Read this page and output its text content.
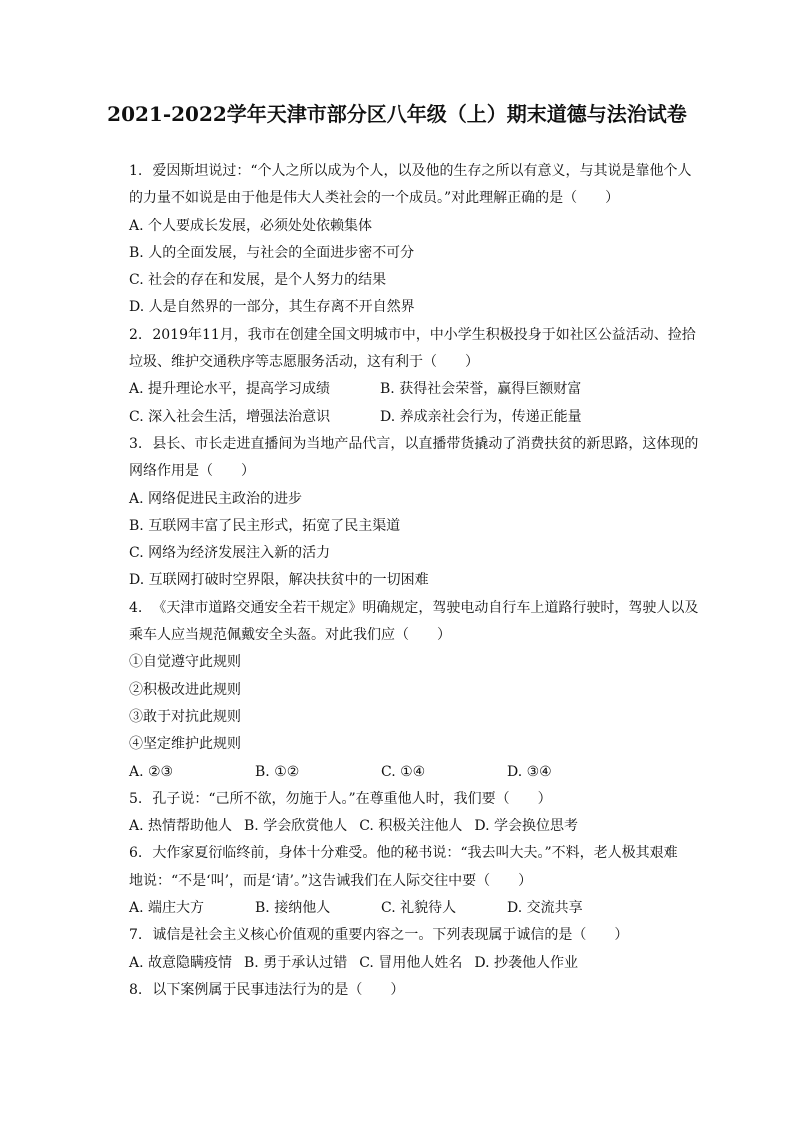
2021-2022学年天津市部分区八年级（上）期末道德与法治试卷
1. 爱因斯坦说过：“个人之所以成为个人，以及他的生存之所以有意义，与其说是靠他个人
的力量不如说是由于他是伟大人类社会的一个成员。”对此理解正确的是（　　）
A. 个人要成长发展，必须处处依赖集体
B. 人的全面发展，与社会的全面进步密不可分
C. 社会的存在和发展，是个人努力的结果
D. 人是自然界的一部分，其生存离不开自然界
2. 2019年11月，我市在创建全国文明城市中，中小学生积极投身于如社区公益活动、捡拾
垃圾、维护交通秩序等志愿服务活动，这有利于（　　）
A. 提升理论水平，提高学习成绩	B. 获得社会荣誉，赢得巨额财富
C. 深入社会生活，增强法治意识	D. 养成亲社会行为，传递正能量
3. 县长、市长走进直播间为当地产品代言，以直播带货撬动了消费扶贫的新思路，这体现的
网络作用是（　　）
A. 网络促进民主政治的进步
B. 互联网丰富了民主形式，拓宽了民主渠道
C. 网络为经济发展注入新的活力
D. 互联网打破时空界限，解决扶贫中的一切困难
4. 《天津市道路交通安全若干规定》明确规定，驾驶电动自行车上道路行驶时，驾驶人以及
乘车人应当规范佩戴安全头盔。对此我们应（　　）
①自觉遵守此规则
②积极改进此规则
③敢于对抗此规则
④坚定维护此规则
A. ②③	B. ①②	C. ①④	D. ③④
5. 孔子说：“己所不欲，勿施于人。”在尊重他人时，我们要（　　）
A. 热情帮助他人 B. 学会欣赏他人 C. 积极关注他人 D. 学会换位思考
6. 大作家夏衍临终前，身体十分难受。他的秘书说：“我去叫大夫。”不料，老人极其艰难
地说：“不是‘叫’，而是‘请’。”这告诫我们在人际交往中要（　　）
A. 端庄大方	B. 接纳他人	C. 礼貌待人	D. 交流共享
7. 诚信是社会主义核心价值观的重要内容之一。下列表现属于诚信的是（　　）
A. 故意隐瞒疫情 B. 勇于承认过错 C. 冒用他人姓名 D. 抄袭他人作业
8. 以下案例属于民事违法行为的是（　　）
